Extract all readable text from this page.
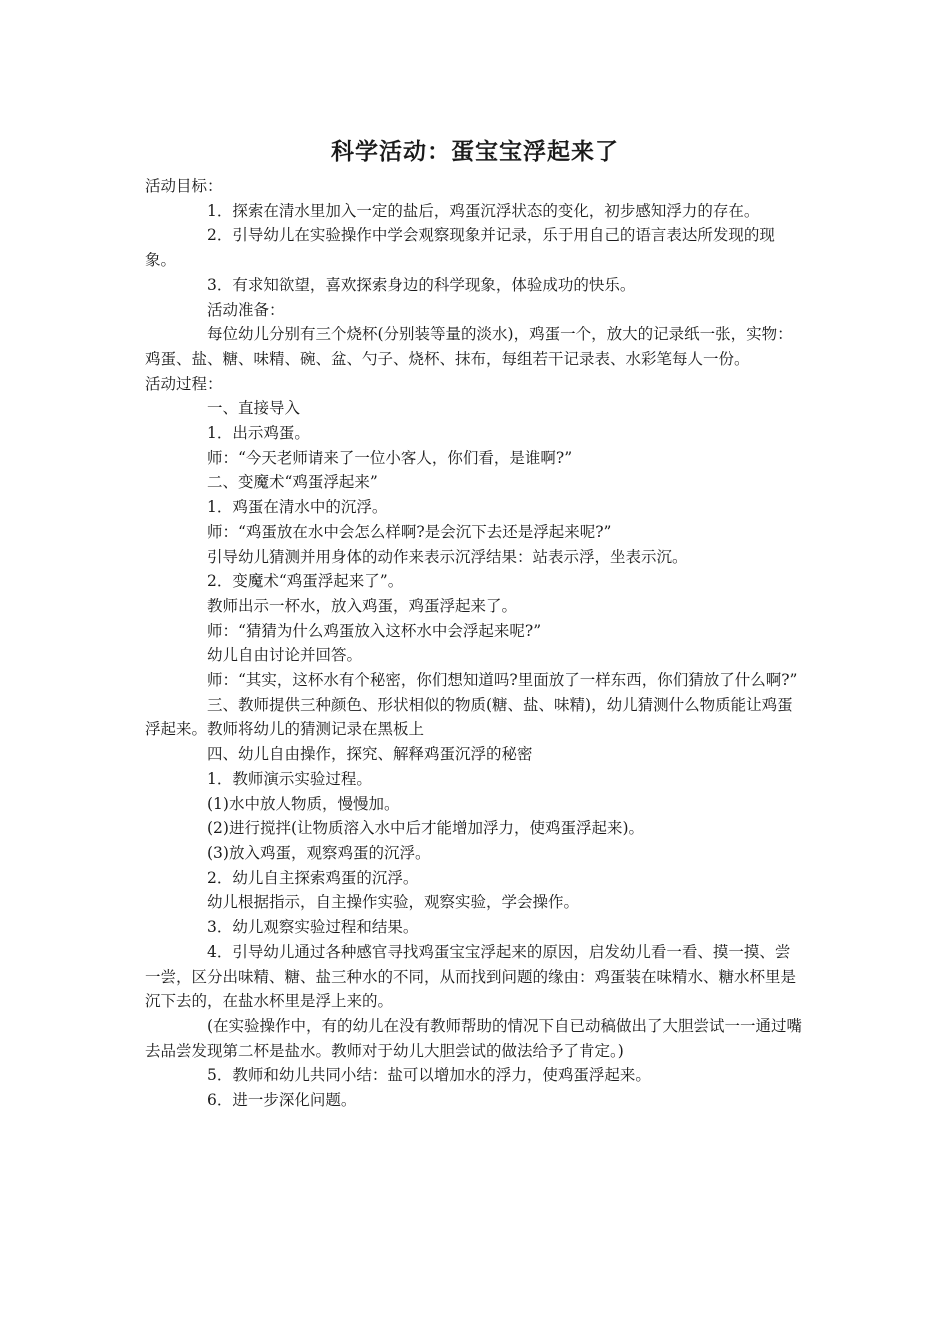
科学活动：蛋宝宝浮起来了

活动目标：

1．探索在清水里加入一定的盐后，鸡蛋沉浮状态的变化，初步感知浮力的存在。

2．引导幼儿在实验操作中学会观察现象并记录，乐于用自己的语言表达所发现的现象。

3．有求知欲望，喜欢探索身边的科学现象，体验成功的快乐。

活动准备：

每位幼儿分别有三个烧杯(分别装等量的淡水)，鸡蛋一个，放大的记录纸一张，实物：鸡蛋、盐、糖、味精、碗、盆、勺子、烧杯、抹布，每组若干记录表、水彩笔每人一份。

活动过程：

一、直接导入

1．出示鸡蛋。

师：“今天老师请来了一位小客人，你们看，是谁啊?”

二、变魔术“鸡蛋浮起来”

1．鸡蛋在清水中的沉浮。

师：“鸡蛋放在水中会怎么样啊?是会沉下去还是浮起来呢?”

引导幼儿猜测并用身体的动作来表示沉浮结果：站表示浮，坐表示沉。

2．变魔术“鸡蛋浮起来了”。

教师出示一杯水，放入鸡蛋，鸡蛋浮起来了。

师：“猜猜为什么鸡蛋放入这杯水中会浮起来呢?”

幼儿自由讨论并回答。

师：“其实，这杯水有个秘密，你们想知道吗?里面放了一样东西，你们猜放了什么啊?”

三、教师提供三种颜色、形状相似的物质(糖、盐、味精)，幼儿猜测什么物质能让鸡蛋浮起来。教师将幼儿的猜测记录在黑板上

四、幼儿自由操作，探究、解释鸡蛋沉浮的秘密

1．教师演示实验过程。

(1)水中放人物质，慢慢加。

(2)进行搅拌(让物质溶入水中后才能增加浮力，使鸡蛋浮起来)。

(3)放入鸡蛋，观察鸡蛋的沉浮。

2．幼儿自主探索鸡蛋的沉浮。

幼儿根据指示，自主操作实验，观察实验，学会操作。

3．幼儿观察实验过程和结果。

4．引导幼儿通过各种感官寻找鸡蛋宝宝浮起来的原因，启发幼儿看一看、摸一摸、尝一尝，区分出味精、糖、盐三种水的不同，从而找到问题的缘由：鸡蛋装在味精水、糖水杯里是沉下去的，在盐水杯里是浮上来的。

(在实验操作中，有的幼儿在没有教师帮助的情况下自已动稿做出了大胆尝试一一通过嘴去品尝发现第二杯是盐水。教师对于幼儿大胆尝试的做法给予了肯定。)

5．教师和幼儿共同小结：盐可以增加水的浮力，使鸡蛋浮起来。

6．进一步深化问题。
